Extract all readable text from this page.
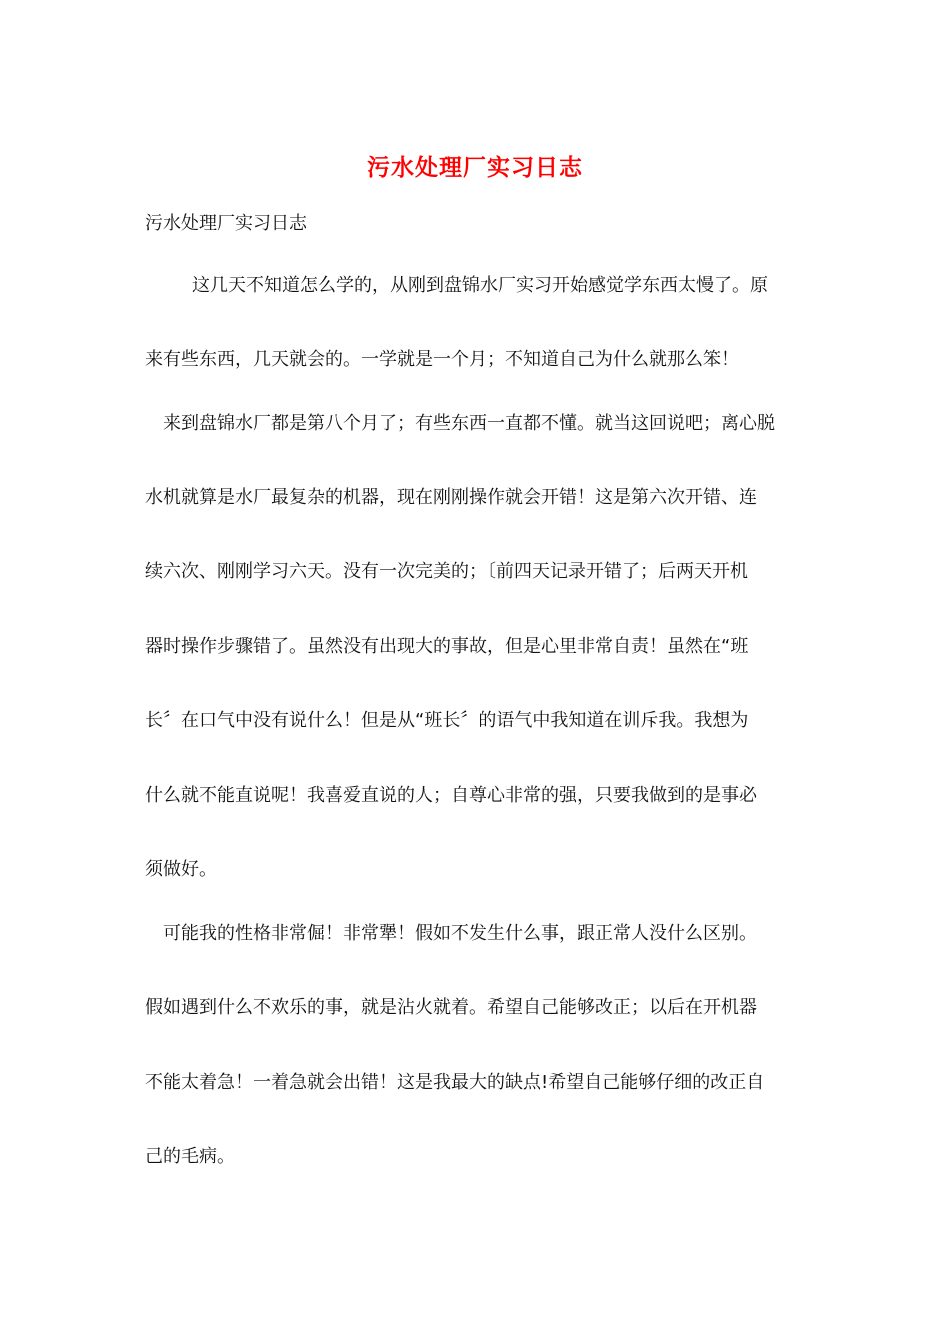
污水处理厂实习日志
污水处理厂实习日志
这几天不知道怎么学的，从刚到盘锦水厂实习开始感觉学东西太慢了。原
来有些东西，几天就会的。一学就是一个月；不知道自己为什么就那么笨！
来到盘锦水厂都是第八个月了；有些东西一直都不懂。就当这回说吧；离心脱
水机就算是水厂最复杂的机器，现在刚刚操作就会开错！这是第六次开错、连
续六次、刚刚学习六天。没有一次完美的；〔前四天记录开错了；后两天开机
器时操作步骤错了。虽然没有出现大的事故，但是心里非常自责！虽然在“班
长〞在口气中没有说什么！但是从“班长〞的语气中我知道在训斥我。我想为
什么就不能直说呢！我喜爱直说的人；自尊心非常的强，只要我做到的是事必
须做好。
可能我的性格非常倔！非常犟！假如不发生什么事，跟正常人没什么区别。
假如遇到什么不欢乐的事，就是沾火就着。希望自己能够改正；以后在开机器
不能太着急！一着急就会出错！这是我最大的缺点!希望自己能够仔细的改正自
己的毛病。
